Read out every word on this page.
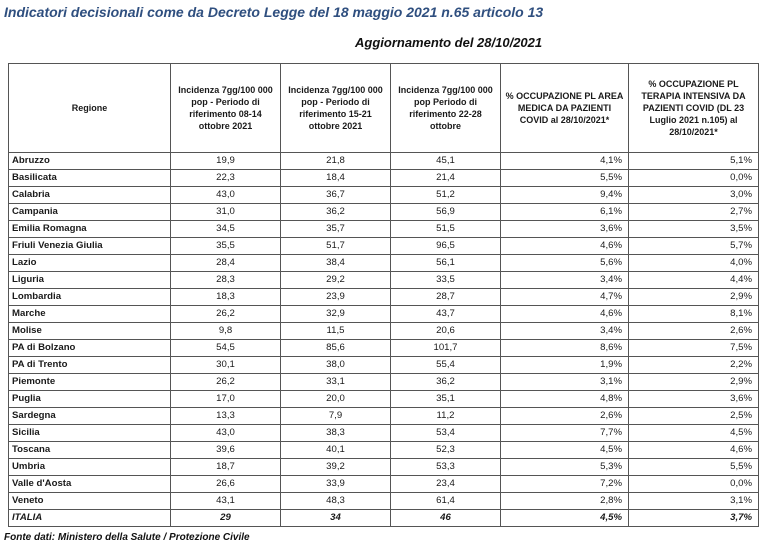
Indicatori decisionali come da Decreto Legge del 18 maggio 2021 n.65 articolo 13
Aggiornamento del 28/10/2021
Regione	Incidenza 7gg/100 000 pop - Periodo di riferimento 08-14 ottobre 2021	Incidenza 7gg/100 000 pop - Periodo di riferimento 15-21 ottobre 2021	Incidenza 7gg/100 000 pop Periodo di riferimento 22-28 ottobre	% OCCUPAZIONE PL AREA MEDICA DA PAZIENTI COVID al 28/10/2021*	% OCCUPAZIONE PL TERAPIA INTENSIVA DA PAZIENTI COVID (DL 23 Luglio 2021 n.105) al 28/10/2021*
Abruzzo	19,9	21,8	45,1	4,1%	5,1%
Basilicata	22,3	18,4	21,4	5,5%	0,0%
Calabria	43,0	36,7	51,2	9,4%	3,0%
Campania	31,0	36,2	56,9	6,1%	2,7%
Emilia Romagna	34,5	35,7	51,5	3,6%	3,5%
Friuli Venezia Giulia	35,5	51,7	96,5	4,6%	5,7%
Lazio	28,4	38,4	56,1	5,6%	4,0%
Liguria	28,3	29,2	33,5	3,4%	4,4%
Lombardia	18,3	23,9	28,7	4,7%	2,9%
Marche	26,2	32,9	43,7	4,6%	8,1%
Molise	9,8	11,5	20,6	3,4%	2,6%
PA di Bolzano	54,5	85,6	101,7	8,6%	7,5%
PA di Trento	30,1	38,0	55,4	1,9%	2,2%
Piemonte	26,2	33,1	36,2	3,1%	2,9%
Puglia	17,0	20,0	35,1	4,8%	3,6%
Sardegna	13,3	7,9	11,2	2,6%	2,5%
Sicilia	43,0	38,3	53,4	7,7%	4,5%
Toscana	39,6	40,1	52,3	4,5%	4,6%
Umbria	18,7	39,2	53,3	5,3%	5,5%
Valle d'Aosta	26,6	33,9	23,4	7,2%	0,0%
Veneto	43,1	48,3	61,4	2,8%	3,1%
ITALIA	29	34	46	4,5%	3,7%
Fonte dati: Ministero della Salute / Protezione Civile
